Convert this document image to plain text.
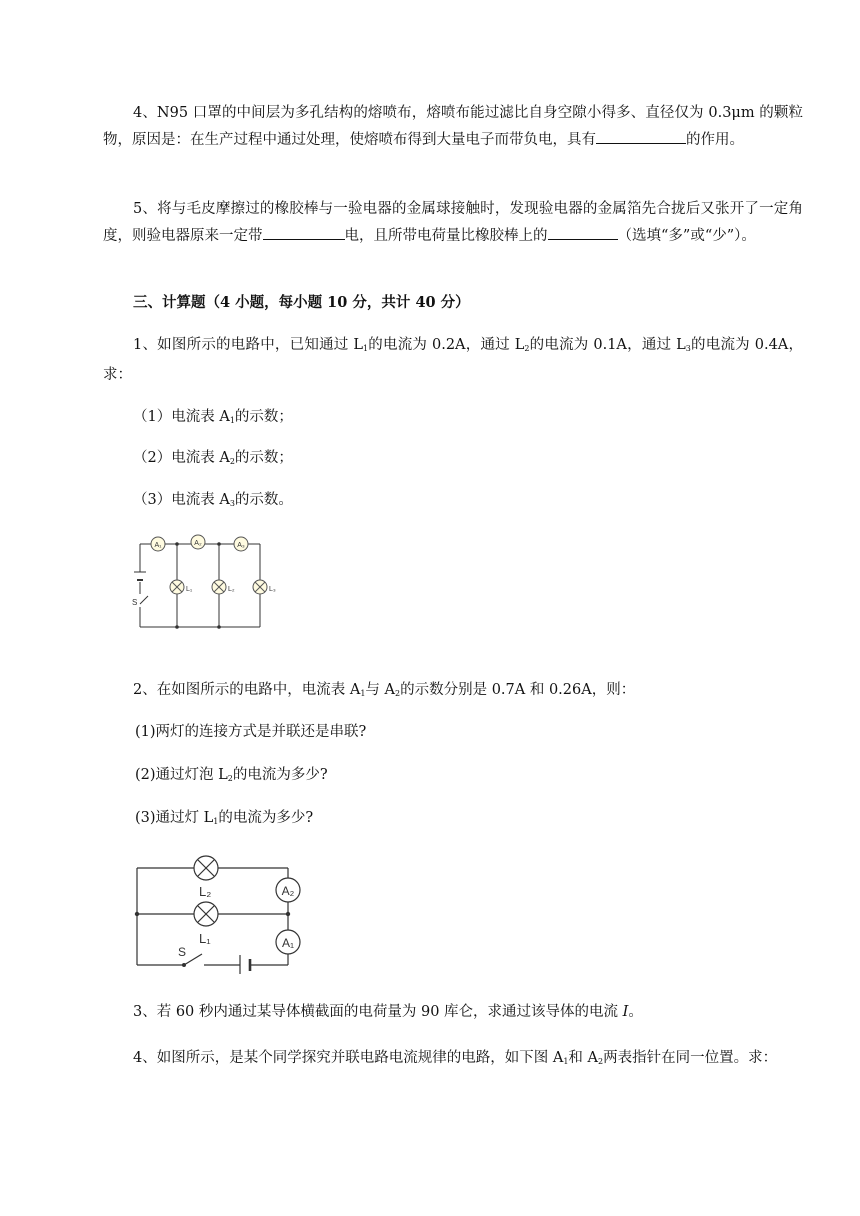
4、N95 口罩的中间层为多孔结构的熔喷布，熔喷布能过滤比自身空隙小得多、直径仅为 0.3μm 的颗粒物，原因是：在生产过程中通过处理，使熔喷布得到大量电子而带负电，具有	的作用。
5、将与毛皮摩擦过的橡胶棒与一验电器的金属球接触时，发现验电器的金属箔先合拢后又张开了一定角度，则验电器原来一定带	电，且所带电荷量比橡胶棒上的	（选填“多”或“少”）。
三、计算题（4 小题，每小题 10 分，共计 40 分）
1、如图所示的电路中，已知通过 $L_1$的电流为 0.2A，通过 $L_2$的电流为 0.1A，通过 $L_3$的电流为 0.4A，求：
（1）电流表 $A_1$的示数；
（2）电流表 $A_2$的示数；
（3）电流表 $A_3$的示数。
A₁	A₂	A₃
L₁	L₂	L₃
S
2、在如图所示的电路中，电流表 $A_1$与 $A_2$的示数分别是 0.7A 和 0.26A，则：
(1)两灯的连接方式是并联还是串联?
(2)通过灯泡 $L_2$的电流为多少?
(3)通过灯 $L_1$的电流为多少?
L₂
L₁
A₂
A₁
S
3、若 60 秒内通过某导体横截面的电荷量为 90 库仑，求通过该导体的电流 I。
4、如图所示，是某个同学探究并联电路电流规律的电路，如下图 $A_1$和 $A_2$两表指针在同一位置。求：
